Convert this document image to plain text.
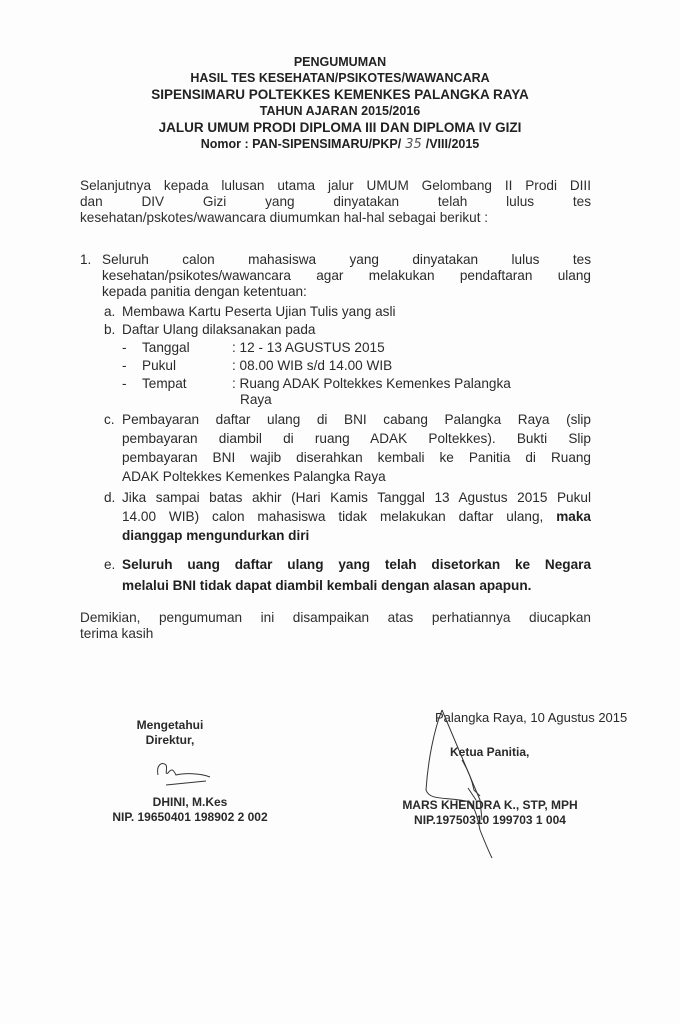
PENGUMUMAN
HASIL TES KESEHATAN/PSIKOTES/WAWANCARA
SIPENSIMARU POLTEKKES KEMENKES PALANGKA RAYA
TAHUN AJARAN 2015/2016
JALUR UMUM PRODI DIPLOMA III DAN DIPLOMA IV GIZI
Nomor : PAN-SIPENSIMARU/PKP/ 35 /VIII/2015
Selanjutnya kepada lulusan utama jalur UMUM Gelombang II Prodi DIII
dan DIV Gizi yang dinyatakan telah lulus tes
kesehatan/pskotes/wawancara diumumkan hal-hal sebagai berikut :
1. Seluruh calon mahasiswa yang dinyatakan lulus tes
kesehatan/psikotes/wawancara agar melakukan pendaftaran ulang
kepada panitia dengan ketentuan:
a. Membawa Kartu Peserta Ujian Tulis yang asli
b. Daftar Ulang dilaksanakan pada
- Tanggal	: 12 - 13 AGUSTUS 2015
- Pukul	: 08.00 WIB s/d 14.00 WIB
- Tempat	: Ruang ADAK Poltekkes Kemenkes Palangka
Raya
c. Pembayaran daftar ulang di BNI cabang Palangka Raya (slip
pembayaran diambil di ruang ADAK Poltekkes). Bukti Slip
pembayaran BNI wajib diserahkan kembali ke Panitia di Ruang
ADAK Poltekkes Kemenkes Palangka Raya
d. Jika sampai batas akhir (Hari Kamis Tanggal 13 Agustus 2015 Pukul
14.00 WIB) calon mahasiswa tidak melakukan daftar ulang, maka
dianggap mengundurkan diri
e. Seluruh uang daftar ulang yang telah disetorkan ke Negara
melalui BNI tidak dapat diambil kembali dengan alasan apapun.
Demikian, pengumuman ini disampaikan atas perhatiannya diucapkan
terima kasih
Mengetahui
Direktur,
DHINI, M.Kes
NIP. 19650401 198902 2 002
Palangka Raya, 10 Agustus 2015
Ketua Panitia,
MARS KHENDRA K., STP, MPH
NIP.19750310 199703 1 004
